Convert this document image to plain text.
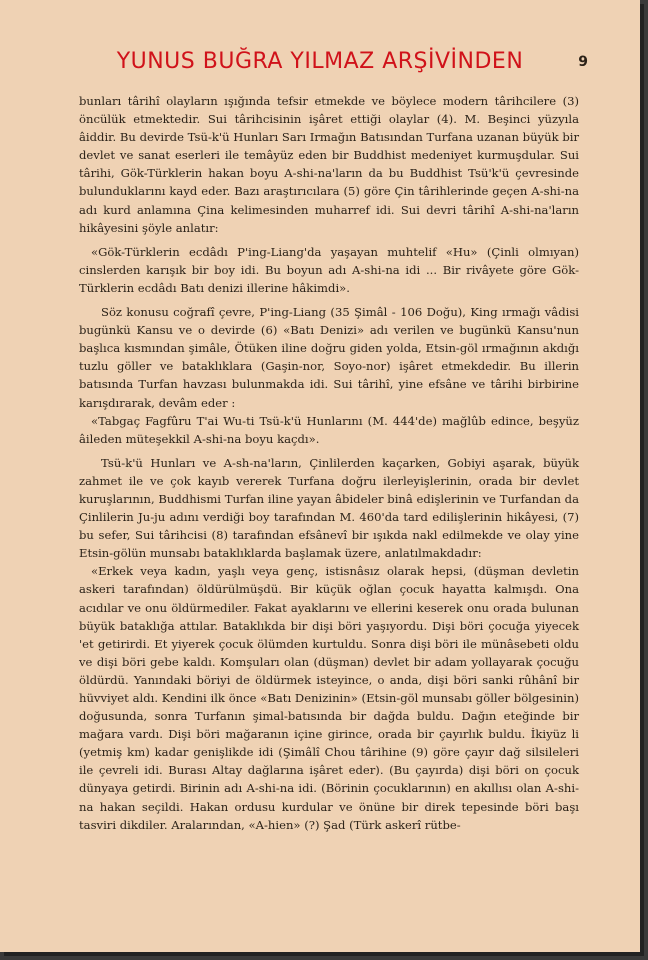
YUNUS BUĞRA YILMAZ ARŞİVİNDEN	9

bunları târihî olayların ışığında tefsir etmekde ve böylece modern târihcilere (3) öncülük etmektedir. Sui târihcisinin işâret ettiği olaylar (4). M. Beşinci yüzyıla âiddir. Bu devirde Tsü-k'ü Hunları Sarı Irmağın Batısından Turfana uzanan büyük bir devlet ve sanat eserleri ile temâyüz eden bir Buddhist medeniyet kurmuşdular. Sui târihi, Gök-Türklerin hakan boyu A-shi-na'ların da bu Buddhist Tsü'k'ü çevresinde bulunduklarını kayd eder. Bazı araştırıcılara (5) göre Çin târihlerinde geçen A-shi-na adı kurd anlamına Çina kelimesinden muharref idi. Sui devri târihî A-shi-na'ların hikâyesini şöyle anlatır:

«Gök-Türklerin ecdâdı P'ing-Liang'da yaşayan muhtelif «Hu» (Çinli olmıyan) cinslerden karışık bir boy idi. Bu boyun adı A-shi-na idi ... Bir rivâyete göre Gök-Türklerin ecdâdı Batı denizi illerine hâkimdi».

Söz konusu coğrafî çevre, P'ing-Liang (35 Şimâl - 106 Doğu), King ırmağı vâdisi bugünkü Kansu ve o devirde (6) «Batı Denizi» adı verilen ve bugünkü Kansu'nun başlıca kısmından şimâle, Ötüken iline doğru giden yolda, Etsin-göl ırmağının akdığı tuzlu göller ve bataklıklara (Gaşin-nor, Soyo-nor) işâret etmekdedir. Bu illerin batısında Turfan havzası bulunmakda idi. Sui târihî, yine efsâne ve târihi birbirine karışdırarak, devâm eder :

«Tabgaç Fagfûru T'ai Wu-ti Tsü-k'ü Hunlarını (M. 444'de) mağlûb edince, beşyüz âileden müteşekkil A-shi-na boyu kaçdı».

Tsü-k'ü Hunları ve A-sh-na'ların, Çinlilerden kaçarken, Gobiyi aşarak, büyük zahmet ile ve çok kayıb vererek Turfana doğru ilerleyişlerinin, orada bir devlet kuruşlarının, Buddhismi Turfan iline yayan âbideler binâ edişlerinin ve Turfandan da Çinlilerin Ju-ju adını verdiği boy tarafından M. 460'da tard edilişlerinin hikâyesi, (7) bu sefer, Sui târihcisi (8) tarafından efsânevî bir ışıkda nakl edilmekde ve olay yine Etsin-gölün munsabı bataklıklarda başlamak üzere, anlatılmakdadır:

«Erkek veya kadın, yaşlı veya genç, istisnâsız olarak hepsi, (düşman devletin askeri tarafından) öldürülmüşdü. Bir küçük oğlan çocuk hayatta kalmışdı. Ona acıdılar ve onu öldürmediler. Fakat ayaklarını ve ellerini keserek onu orada bulunan büyük bataklığa attılar. Bataklıkda bir dişi böri yaşıyordu. Dişi böri çocuğa yiyecek 'et getirirdi. Et yiyerek çocuk ölümden kurtuldu. Sonra dişi böri ile münâsebeti oldu ve dişi böri gebe kaldı. Komşuları olan (düşman) devlet bir adam yollayarak çocuğu öldürdü. Yanındaki böriyi de öldürmek isteyince, o anda, dişi böri sanki rûhânî bir hüvviyet aldı. Kendini ilk önce «Batı Denizinin» (Etsin-göl munsabı göller bölgesinin) doğusunda, sonra Turfanın şimal-batısında bir dağda buldu. Dağın eteğinde bir mağara vardı. Dişi böri mağaranın içine girince, orada bir çayırlık buldu. İkiyüz li (yetmiş km) kadar genişlikde idi (Şimâlî Chou târihine (9) göre çayır dağ silsileleri ile çevreli idi. Burası Altay dağlarına işâret eder). (Bu çayırda) dişi böri on çocuk dünyaya getirdi. Birinin adı A-shi-na idi. (Börinin çocuklarının) en akıllısı olan A-shi-na hakan seçildi. Hakan ordusu kurdular ve önüne bir direk tepesinde böri başı tasviri dikdiler. Aralarından, «A-hien» (?) Şad (Türk askerî rütbe-
